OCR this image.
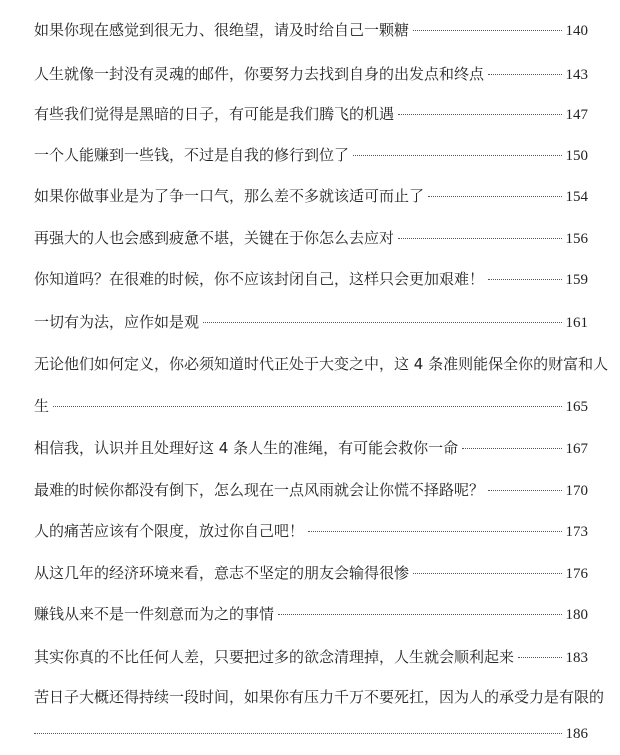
如果你现在感觉到很无力、很绝望，请及时给自己一颗糖	140
人生就像一封没有灵魂的邮件，你要努力去找到自身的出发点和终点	143
有些我们觉得是黑暗的日子，有可能是我们腾飞的机遇	147
一个人能赚到一些钱，不过是自我的修行到位了	150
如果你做事业是为了争一口气，那么差不多就该适可而止了	154
再强大的人也会感到疲惫不堪，关键在于你怎么去应对	156
你知道吗？在很难的时候，你不应该封闭自己，这样只会更加艰难！	159
一切有为法，应作如是观	161
无论他们如何定义，你必须知道时代正处于大变之中，这 4 条准则能保全你的财富和人
生	165
相信我，认识并且处理好这 4 条人生的准绳，有可能会救你一命	167
最难的时候你都没有倒下，怎么现在一点风雨就会让你慌不择路呢？	170
人的痛苦应该有个限度，放过你自己吧！	173
从这几年的经济环境来看，意志不坚定的朋友会输得很惨	176
赚钱从来不是一件刻意而为之的事情	180
其实你真的不比任何人差，只要把过多的欲念清理掉，人生就会顺利起来	183
苦日子大概还得持续一段时间，如果你有压力千万不要死扛，因为人的承受力是有限的
186
